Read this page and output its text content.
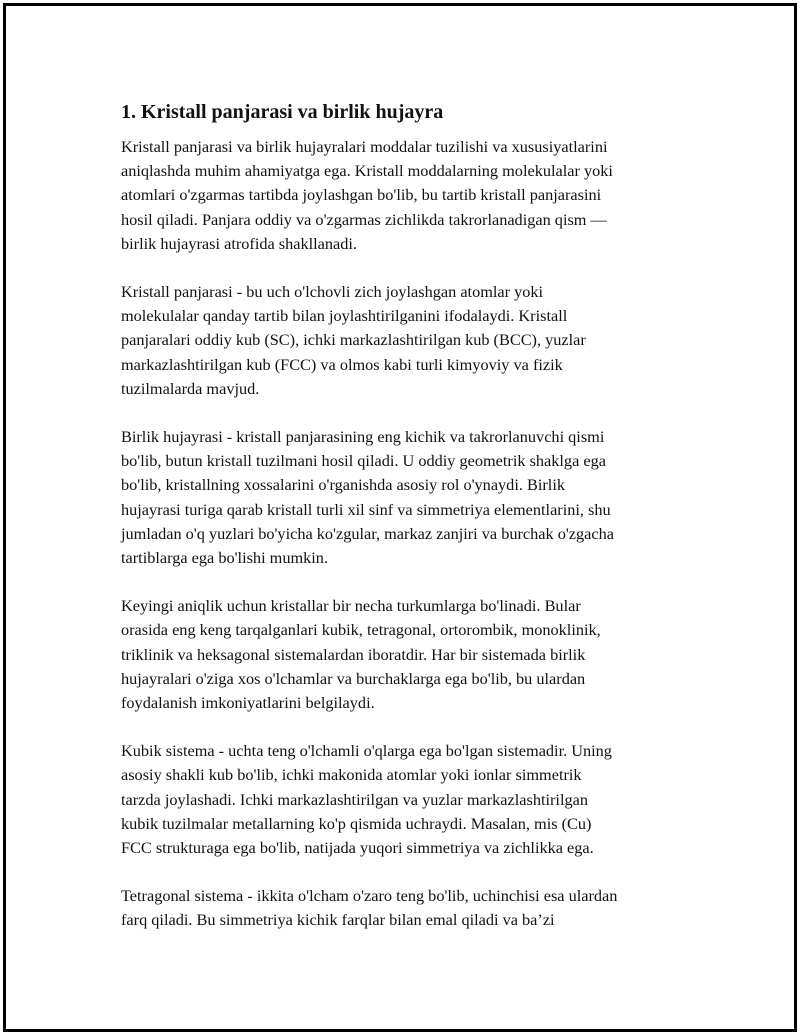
1. Kristall panjarasi va birlik hujayra

Kristall panjarasi va birlik hujayralari moddalar tuzilishi va xususiyatlarini
aniqlashda muhim ahamiyatga ega. Kristall moddalarning molekulalar yoki
atomlari o'zgarmas tartibda joylashgan bo'lib, bu tartib kristall panjarasini
hosil qiladi. Panjara oddiy va o'zgarmas zichlikda takrorlanadigan qism —
birlik hujayrasi atrofida shakllanadi.

Kristall panjarasi - bu uch o'lchovli zich joylashgan atomlar yoki
molekulalar qanday tartib bilan joylashtirilganini ifodalaydi. Kristall
panjaralari oddiy kub (SC), ichki markazlashtirilgan kub (BCC), yuzlar
markazlashtirilgan kub (FCC) va olmos kabi turli kimyoviy va fizik
tuzilmalarda mavjud.

Birlik hujayrasi - kristall panjarasining eng kichik va takrorlanuvchi qismi
bo'lib, butun kristall tuzilmani hosil qiladi. U oddiy geometrik shaklga ega
bo'lib, kristallning xossalarini o'rganishda asosiy rol o'ynaydi. Birlik
hujayrasi turiga qarab kristall turli xil sinf va simmetriya elementlarini, shu
jumladan o'q yuzlari bo'yicha ko'zgular, markaz zanjiri va burchak o'zgacha
tartiblarga ega bo'lishi mumkin.

Keyingi aniqlik uchun kristallar bir necha turkumlarga bo'linadi. Bular
orasida eng keng tarqalganlari kubik, tetragonal, ortorombik, monoklinik,
triklinik va heksagonal sistemalardan iboratdir. Har bir sistemada birlik
hujayralari o'ziga xos o'lchamlar va burchaklarga ega bo'lib, bu ulardan
foydalanish imkoniyatlarini belgilaydi.

Kubik sistema - uchta teng o'lchamli o'qlarga ega bo'lgan sistemadir. Uning
asosiy shakli kub bo'lib, ichki makonida atomlar yoki ionlar simmetrik
tarzda joylashadi. Ichki markazlashtirilgan va yuzlar markazlashtirilgan
kubik tuzilmalar metallarning ko'p qismida uchraydi. Masalan, mis (Cu)
FCC strukturaga ega bo'lib, natijada yuqori simmetriya va zichlikka ega.

Tetragonal sistema - ikkita o'lcham o'zaro teng bo'lib, uchinchisi esa ulardan
farq qiladi. Bu simmetriya kichik farqlar bilan emal qiladi va baʼzi
